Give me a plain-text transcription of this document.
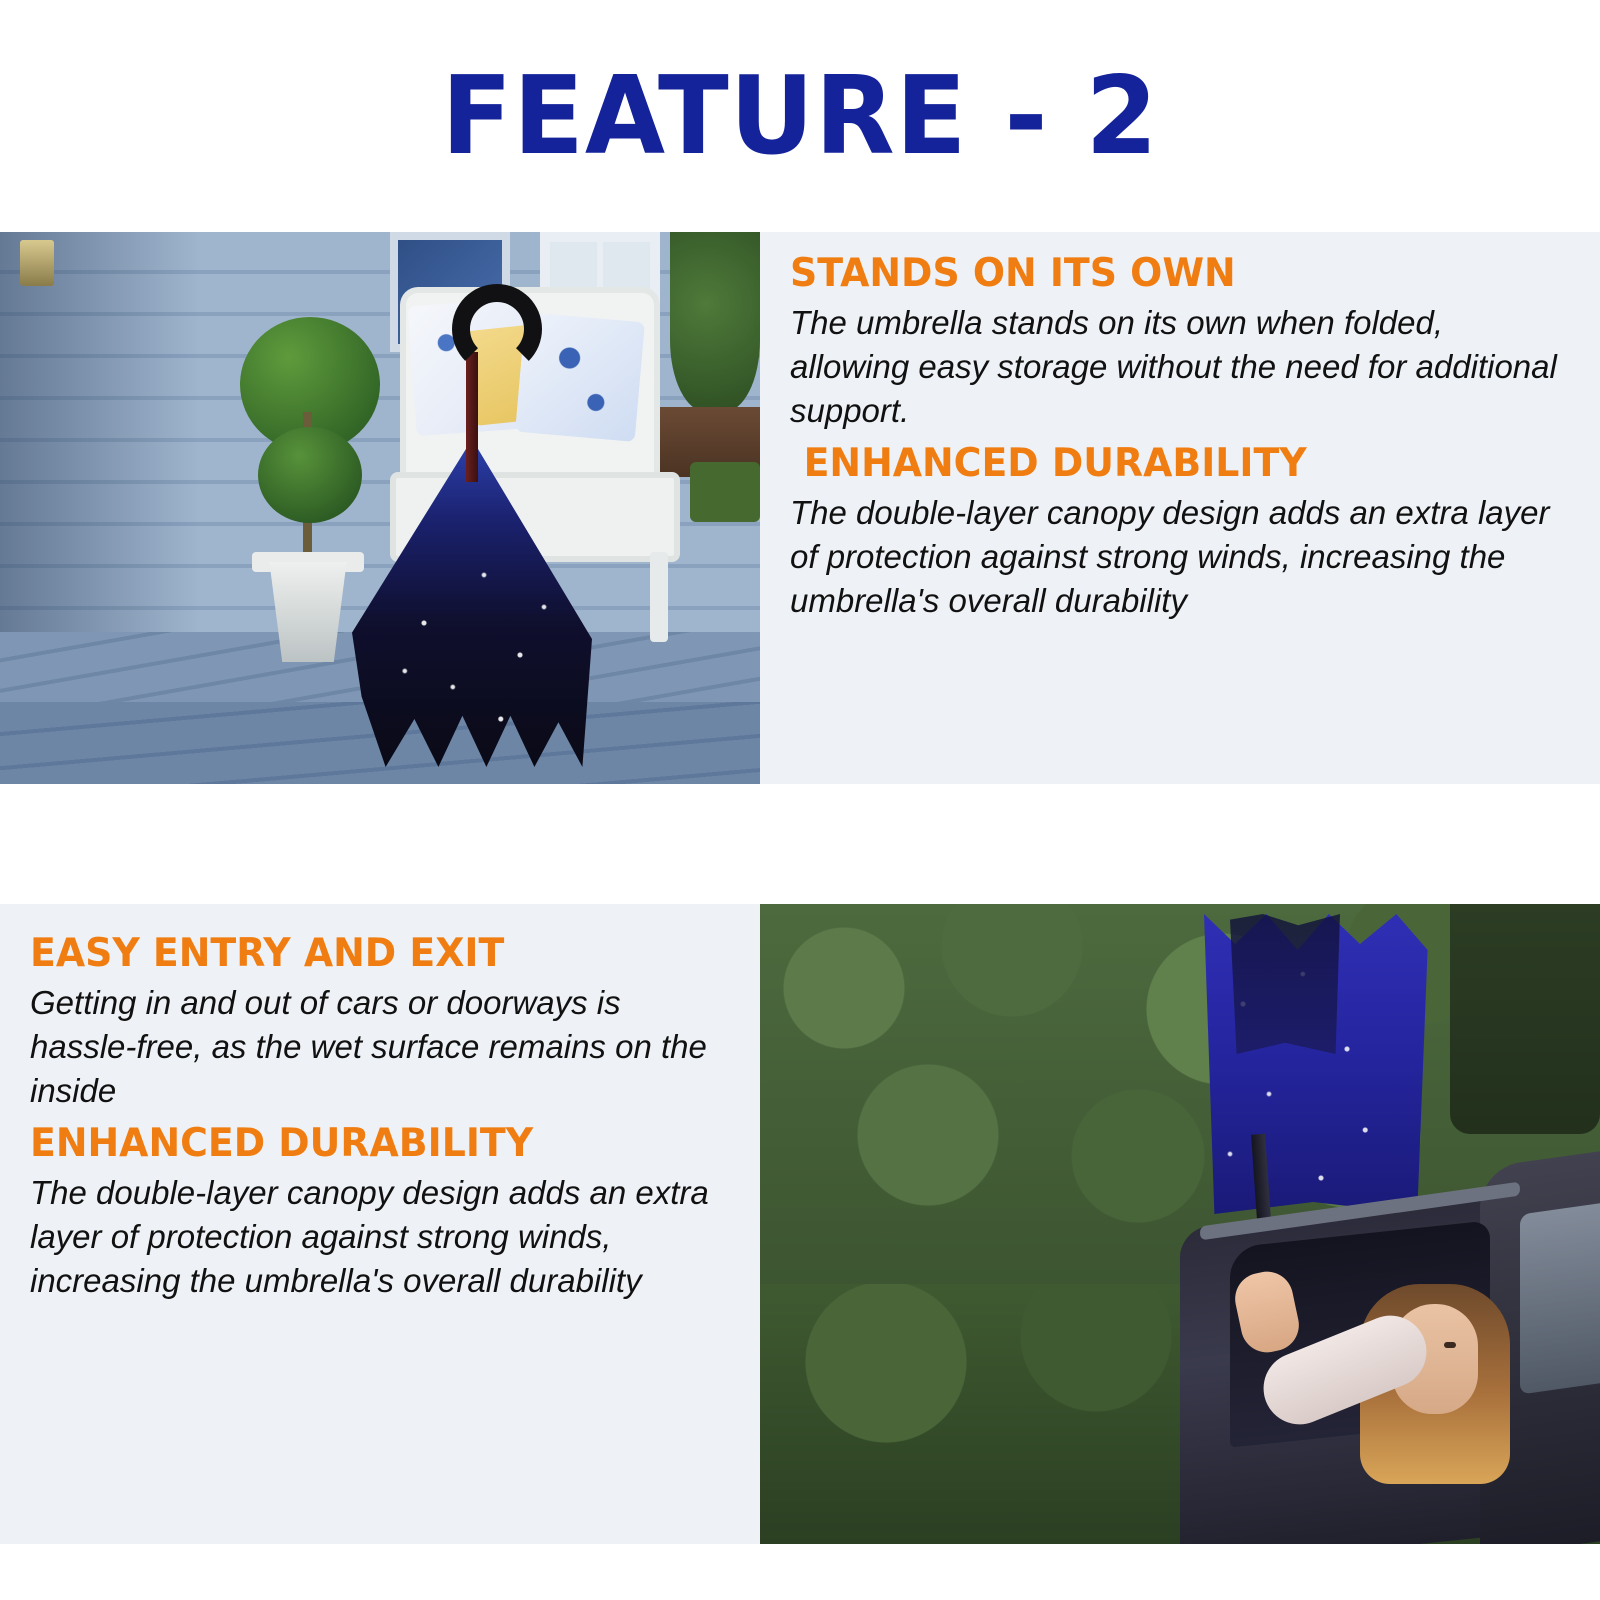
FEATURE - 2
STANDS ON ITS OWN

The umbrella stands on its own when folded, allowing easy storage without the need for additional support.

ENHANCED DURABILITY

The double-layer canopy design adds an extra layer of protection against strong winds, increasing the umbrella's overall durability

EASY ENTRY AND EXIT

Getting in and out of cars or doorways is hassle-free, as the wet surface remains on the inside

ENHANCED DURABILITY

The double-layer canopy design adds an extra layer of protection against strong winds, increasing the umbrella's overall durability
